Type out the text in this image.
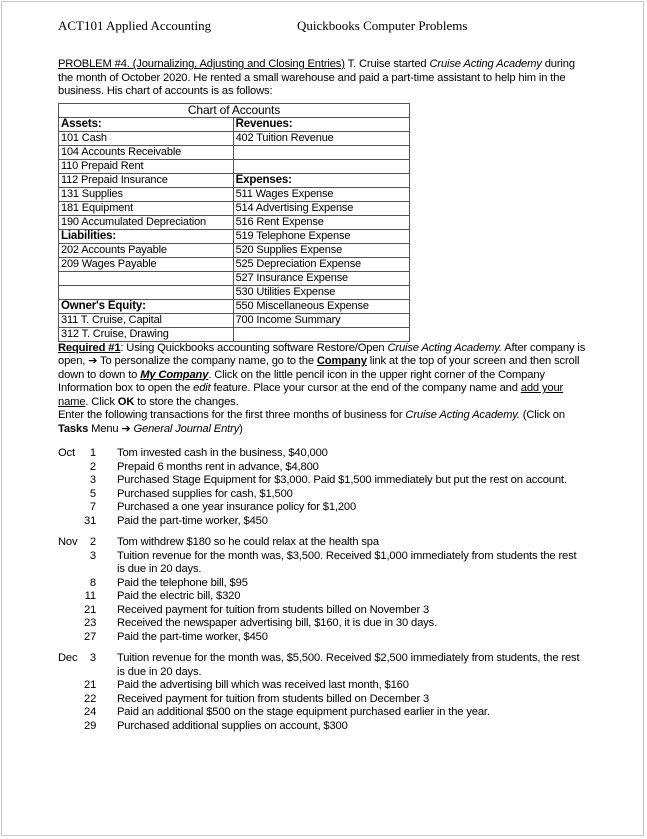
ACT101 Applied Accounting	Quickbooks Computer Problems

PROBLEM #4. (Journalizing, Adjusting and Closing Entries) T. Cruise started Cruise Acting Academy during the month of October 2020. He rented a small warehouse and paid a part-time assistant to help him in the business. His chart of accounts is as follows:

Chart of Accounts	
Assets:	Revenues:
101 Cash	402 Tuition Revenue
104 Accounts Receivable	
110 Prepaid Rent	
112 Prepaid Insurance	Expenses:
131 Supplies	511 Wages Expense
181 Equipment	514 Advertising Expense
190 Accumulated Depreciation	516 Rent Expense
Liabilities:	519 Telephone Expense
202 Accounts Payable	520 Supplies Expense
209 Wages Payable	525 Depreciation Expense
	527 Insurance Expense
	530 Utilities Expense
Owner's Equity:	550 Miscellaneous Expense
311 T. Cruise, Capital	700 Income Summary
312 T. Cruise, Drawing	

Required #1: Using Quickbooks accounting software Restore/Open Cruise Acting Academy. After company is open, ➔ To personalize the company name, go to the Company link at the top of your screen and then scroll down to down to My Company. Click on the little pencil icon in the upper right corner of the Company Information box to open the edit feature. Place your cursor at the end of the company name and add your name. Click OK to store the changes.

Enter the following transactions for the first three months of business for Cruise Acting Academy. (Click on Tasks Menu ➔ General Journal Entry)

Oct	1 Tom invested cash in the business, $40,000
2 Prepaid 6 months rent in advance, $4,800
3 Purchased Stage Equipment for $3,000. Paid $1,500 immediately but put the rest on account.
5 Purchased supplies for cash, $1,500
7 Purchased a one year insurance policy for $1,200
31 Paid the part-time worker, $450
Nov	2 Tom withdrew $180 so he could relax at the health spa
3 Tuition revenue for the month was, $3,500. Received $1,000 immediately from students the rest is due in 20 days.
8 Paid the telephone bill, $95
11 Paid the electric bill, $320
21 Received payment for tuition from students billed on November 3
23 Received the newspaper advertising bill, $160, it is due in 30 days.
27 Paid the part-time worker, $450
Dec	3 Tuition revenue for the month was, $5,500. Received $2,500 immediately from students, the rest is due in 20 days.
21 Paid the advertising bill which was received last month, $160
22 Received payment for tuition from students billed on December 3
24 Paid an additional $500 on the stage equipment purchased earlier in the year.
29 Purchased additional supplies on account, $300
